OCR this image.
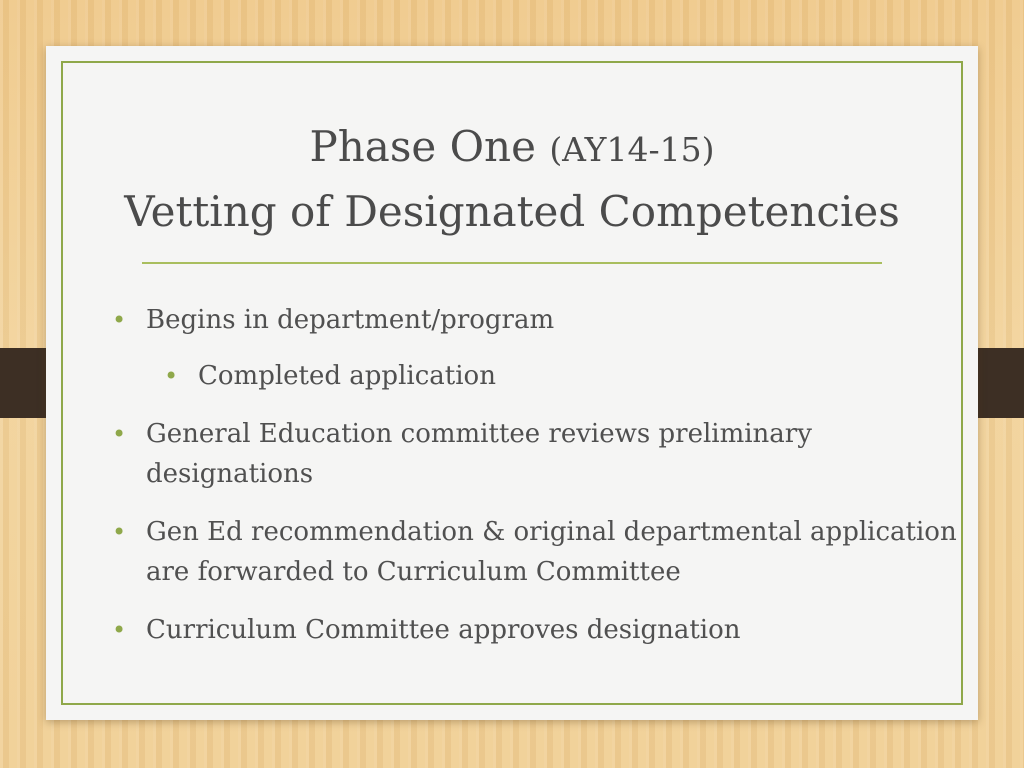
Phase One (AY14-15)
Vetting of Designated Competencies
• Begins in department/program
• Completed application
• General Education committee reviews preliminary designations
• Gen Ed recommendation & original departmental application are forwarded to Curriculum Committee
• Curriculum Committee approves designation
